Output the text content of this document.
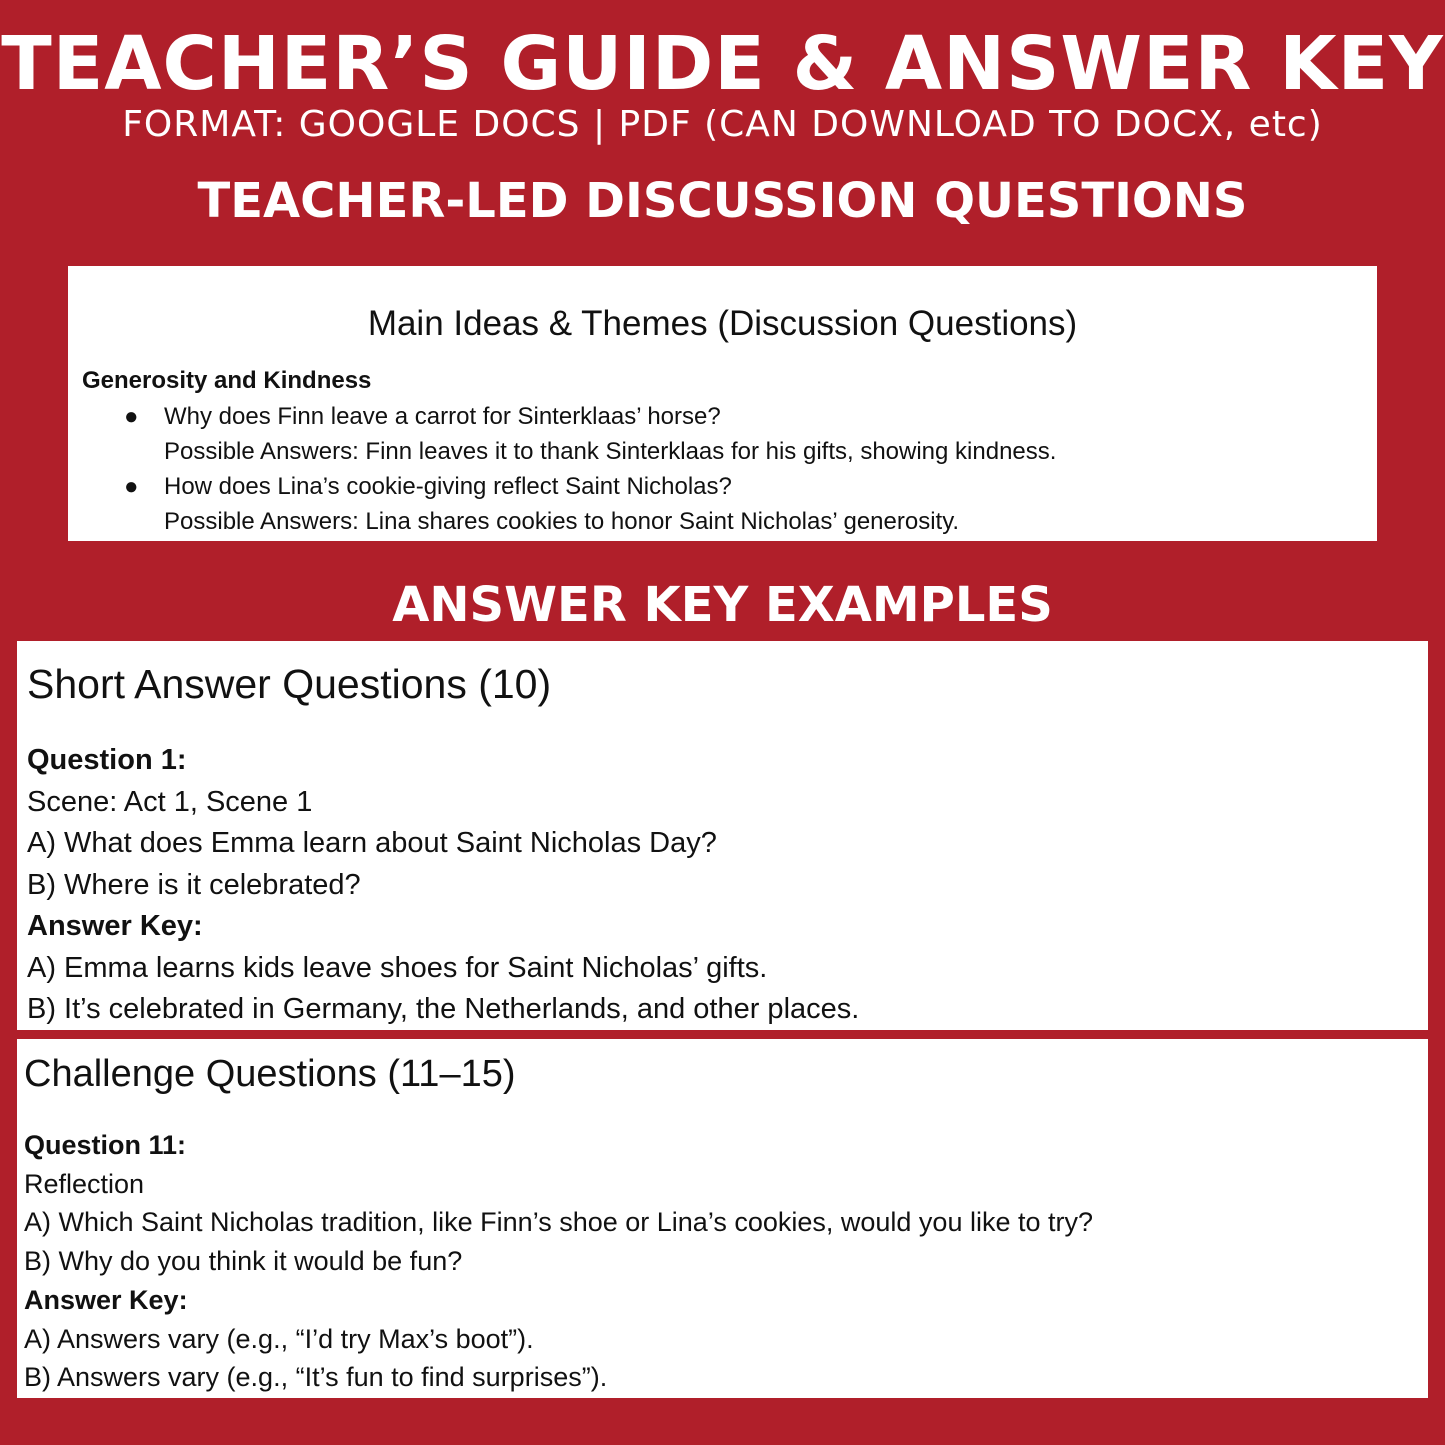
TEACHER’S GUIDE & ANSWER KEY
FORMAT: GOOGLE DOCS | PDF (CAN DOWNLOAD TO DOCX, etc)
TEACHER-LED DISCUSSION QUESTIONS
Main Ideas & Themes (Discussion Questions)
Generosity and Kindness
● Why does Finn leave a carrot for Sinterklaas’ horse?
Possible Answers: Finn leaves it to thank Sinterklaas for his gifts, showing kindness.
● How does Lina’s cookie-giving reflect Saint Nicholas?
Possible Answers: Lina shares cookies to honor Saint Nicholas’ generosity.
ANSWER KEY EXAMPLES
Short Answer Questions (10)
Question 1:
Scene: Act 1, Scene 1
A) What does Emma learn about Saint Nicholas Day?
B) Where is it celebrated?
Answer Key:
A) Emma learns kids leave shoes for Saint Nicholas’ gifts.
B) It’s celebrated in Germany, the Netherlands, and other places.
Challenge Questions (11–15)
Question 11:
Reflection
A) Which Saint Nicholas tradition, like Finn’s shoe or Lina’s cookies, would you like to try?
B) Why do you think it would be fun?
Answer Key:
A) Answers vary (e.g., “I’d try Max’s boot”).
B) Answers vary (e.g., “It’s fun to find surprises”).
